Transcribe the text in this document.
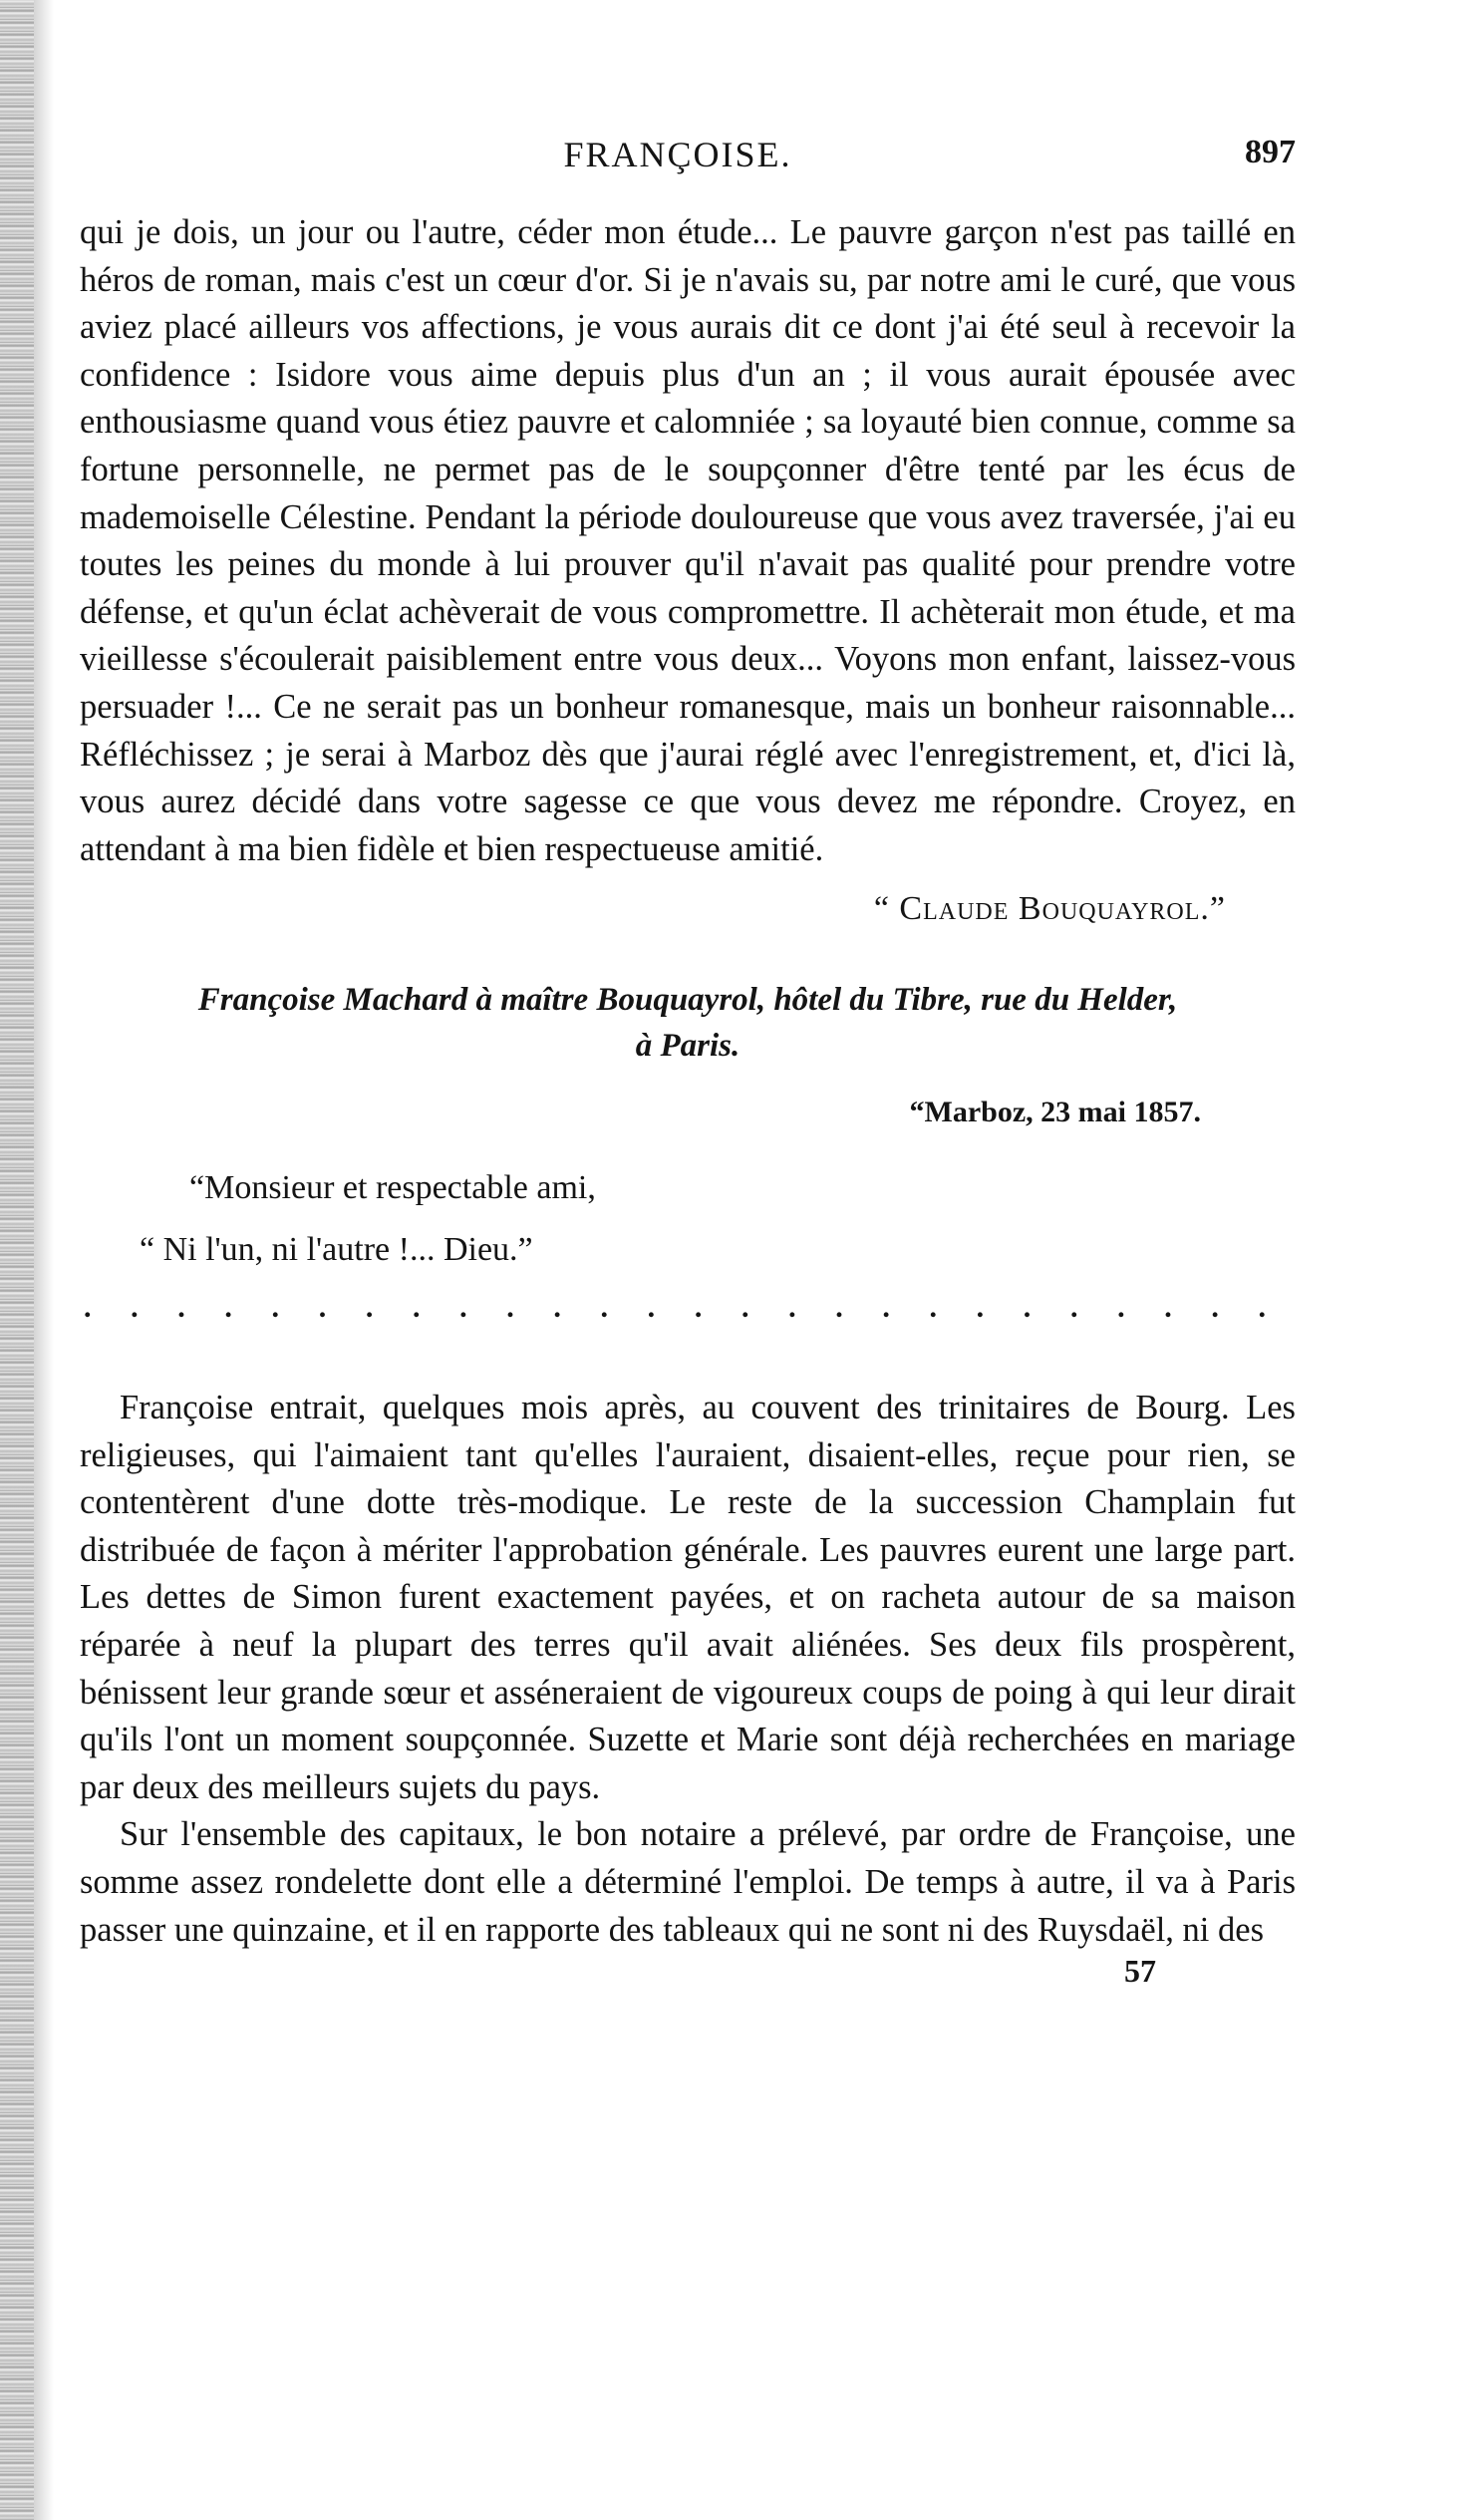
FRANÇOISE.	897

qui je dois, un jour ou l'autre, céder mon étude... Le pauvre garçon n'est pas taillé en héros de roman, mais c'est un cœur d'or. Si je n'avais su, par notre ami le curé, que vous aviez placé ailleurs vos affections, je vous aurais dit ce dont j'ai été seul à recevoir la confidence : Isidore vous aime depuis plus d'un an ; il vous aurait épousée avec enthousiasme quand vous étiez pauvre et calomniée ; sa loyauté bien connue, comme sa fortune personnelle, ne permet pas de le soupçonner d'être tenté par les écus de mademoiselle Célestine. Pendant la période douloureuse que vous avez traversée, j'ai eu toutes les peines du monde à lui prouver qu'il n'avait pas qualité pour prendre votre défense, et qu'un éclat achèverait de vous compromettre. Il achèterait mon étude, et ma vieillesse s'écoulerait paisiblement entre vous deux... Voyons mon enfant, laissez-vous persuader !... Ce ne serait pas un bonheur romanesque, mais un bonheur raisonnable... Réfléchissez ; je serai à Marboz dès que j'aurai réglé avec l'enregistrement, et, d'ici là, vous aurez décidé dans votre sagesse ce que vous devez me répondre. Croyez, en attendant à ma bien fidèle et bien respectueuse amitié.

“ Claude Bouquayrol.”
Françoise Machard à maître Bouquayrol, hôtel du Tibre, rue du Helder,
à Paris.
“Marboz, 23 mai 1857.
“Monsieur et respectable ami,
“ Ni l'un, ni l'autre !... Dieu.”
. . . . . . . . . . . . . . . . . . . . . . . . . .

Françoise entrait, quelques mois après, au couvent des trinitaires de Bourg. Les religieuses, qui l'aimaient tant qu'elles l'auraient, disaient-elles, reçue pour rien, se contentèrent d'une dotte très-modique. Le reste de la succession Champlain fut distribuée de façon à mériter l'approbation générale. Les pauvres eurent une large part. Les dettes de Simon furent exactement payées, et on racheta autour de sa maison réparée à neuf la plupart des terres qu'il avait aliénées. Ses deux fils prospèrent, bénissent leur grande sœur et asséneraient de vigoureux coups de poing à qui leur dirait qu'ils l'ont un moment soupçonnée. Suzette et Marie sont déjà recherchées en mariage par deux des meilleurs sujets du pays.

Sur l'ensemble des capitaux, le bon notaire a prélevé, par ordre de Françoise, une somme assez rondelette dont elle a déterminé l'emploi. De temps à autre, il va à Paris passer une quinzaine, et il en rapporte des tableaux qui ne sont ni des Ruysdaël, ni des

57
